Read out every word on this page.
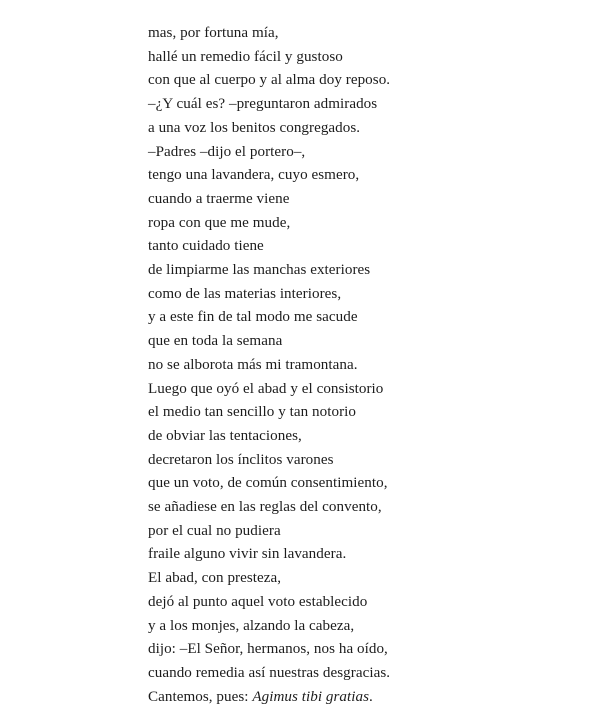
mas, por fortuna mía,
hallé un remedio fácil y gustoso
con que al cuerpo y al alma doy reposo.
–¿Y cuál es? –preguntaron admirados
a una voz los benitos congregados.
–Padres –dijo el portero–,
tengo una lavandera, cuyo esmero,
cuando a traerme viene
ropa con que me mude,
tanto cuidado tiene
de limpiarme las manchas exteriores
como de las materias interiores,
y a este fin de tal modo me sacude
que en toda la semana
no se alborota más mi tramontana.
Luego que oyó el abad y el consistorio
el medio tan sencillo y tan notorio
de obviar las tentaciones,
decretaron los ínclitos varones
que un voto, de común consentimiento,
se añadiese en las reglas del convento,
por el cual no pudiera
fraile alguno vivir sin lavandera.
El abad, con presteza,
dejó al punto aquel voto establecido
y a los monjes, alzando la cabeza,
dijo: –El Señor, hermanos, nos ha oído,
cuando remedia así nuestras desgracias.
Cantemos, pues: Agimus tibi gratias.
